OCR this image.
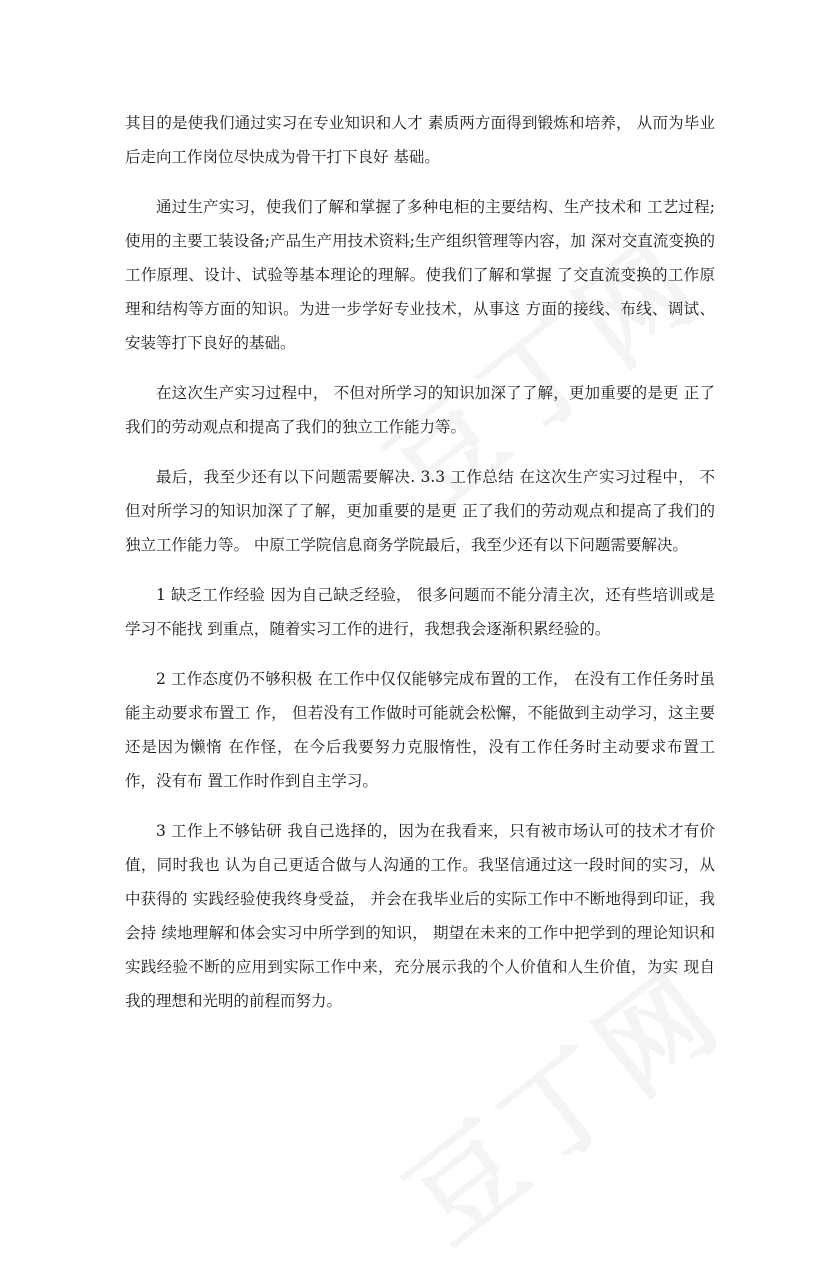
其目的是使我们通过实习在专业知识和人才 素质两方面得到锻炼和培养， 从而为毕业后走向工作岗位尽快成为骨干打下良好 基础。

通过生产实习，使我们了解和掌握了多种电柜的主要结构、生产技术和 工艺过程;使用的主要工装设备;产品生产用技术资料;生产组织管理等内容，加 深对交直流变换的工作原理、设计、试验等基本理论的理解。使我们了解和掌握 了交直流变换的工作原理和结构等方面的知识。为进一步学好专业技术，从事这 方面的接线、布线、调试、安装等打下良好的基础。

在这次生产实习过程中， 不但对所学习的知识加深了了解，更加重要的是更 正了我们的劳动观点和提高了我们的独立工作能力等。

最后，我至少还有以下问题需要解决. 3.3 工作总结 在这次生产实习过程中， 不但对所学习的知识加深了了解，更加重要的是更 正了我们的劳动观点和提高了我们的独立工作能力等。 中原工学院信息商务学院最后，我至少还有以下问题需要解决。

1 缺乏工作经验 因为自己缺乏经验， 很多问题而不能分清主次，还有些培训或是学习不能找 到重点，随着实习工作的进行，我想我会逐渐积累经验的。

2 工作态度仍不够积极 在工作中仅仅能够完成布置的工作， 在没有工作任务时虽能主动要求布置工 作， 但若没有工作做时可能就会松懈，不能做到主动学习，这主要还是因为懒惰 在作怪，在今后我要努力克服惰性，没有工作任务时主动要求布置工作，没有布 置工作时作到自主学习。

3 工作上不够钻研 我自己选择的，因为在我看来，只有被市场认可的技术才有价值，同时我也 认为自己更适合做与人沟通的工作。我坚信通过这一段时间的实习，从中获得的 实践经验使我终身受益， 并会在我毕业后的实际工作中不断地得到印证，我会持 续地理解和体会实习中所学到的知识， 期望在未来的工作中把学到的理论知识和 实践经验不断的应用到实际工作中来，充分展示我的个人价值和人生价值，为实 现自我的理想和光明的前程而努力。
